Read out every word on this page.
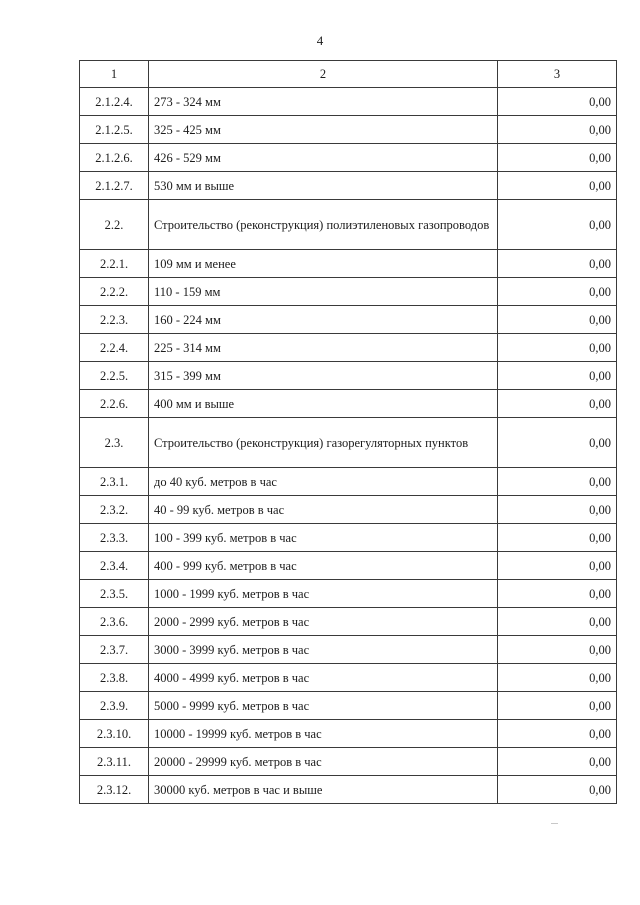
4
1	2	3
2.1.2.4.	273 - 324 мм	0,00
2.1.2.5.	325 - 425 мм	0,00
2.1.2.6.	426 - 529 мм	0,00
2.1.2.7.	530 мм и выше	0,00
2.2.	Строительство (реконструкция) полиэтиленовых газопроводов	0,00
2.2.1.	109 мм и менее	0,00
2.2.2.	110 - 159 мм	0,00
2.2.3.	160 - 224 мм	0,00
2.2.4.	225 - 314 мм	0,00
2.2.5.	315 - 399 мм	0,00
2.2.6.	400 мм и выше	0,00
2.3.	Строительство (реконструкция) газорегуляторных пунктов	0,00
2.3.1.	до 40 куб. метров в час	0,00
2.3.2.	40 - 99 куб. метров в час	0,00
2.3.3.	100 - 399 куб. метров в час	0,00
2.3.4.	400 - 999 куб. метров в час	0,00
2.3.5.	1000 - 1999 куб. метров в час	0,00
2.3.6.	2000 - 2999 куб. метров в час	0,00
2.3.7.	3000 - 3999 куб. метров в час	0,00
2.3.8.	4000 - 4999 куб. метров в час	0,00
2.3.9.	5000 - 9999 куб. метров в час	0,00
2.3.10.	10000 - 19999 куб. метров в час	0,00
2.3.11.	20000 - 29999 куб. метров в час	0,00
2.3.12.	30000 куб. метров в час и выше	0,00
